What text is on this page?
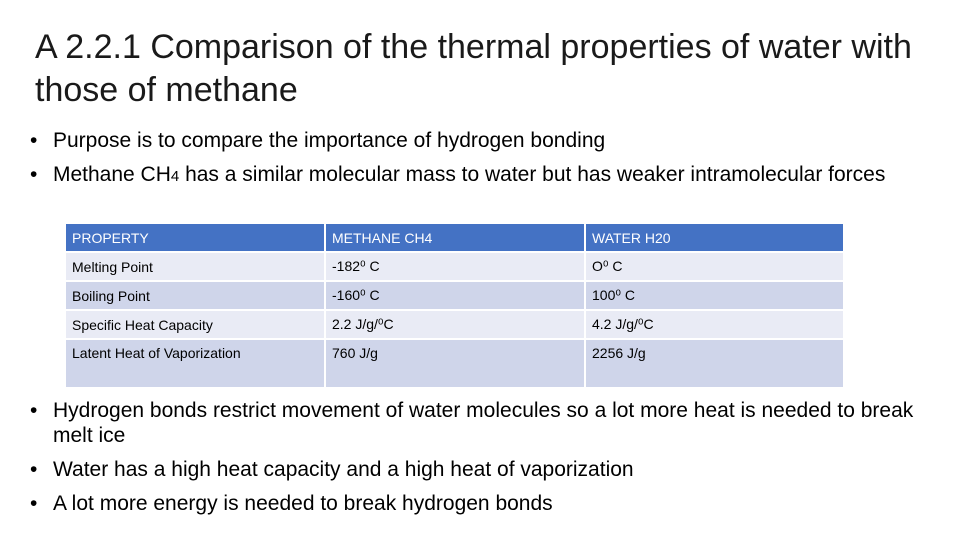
A 2.2.1 Comparison of the thermal properties of water with those of methane
• Purpose is to compare the importance of hydrogen bonding
• Methane CH4 has a similar molecular mass to water but has weaker intramolecular forces
PROPERTY	METHANE CH4	WATER H20
Melting Point	-182⁰ C	O⁰ C
Boiling Point	-160⁰ C	100⁰ C
Specific Heat Capacity	2.2 J/g/⁰C	4.2 J/g/⁰C
Latent Heat of Vaporization	760 J/g	2256 J/g
• Hydrogen bonds restrict movement of water molecules so a lot more heat is needed to break melt ice
• Water has a high heat capacity and a high heat of vaporization
• A lot more energy is needed to break hydrogen bonds
